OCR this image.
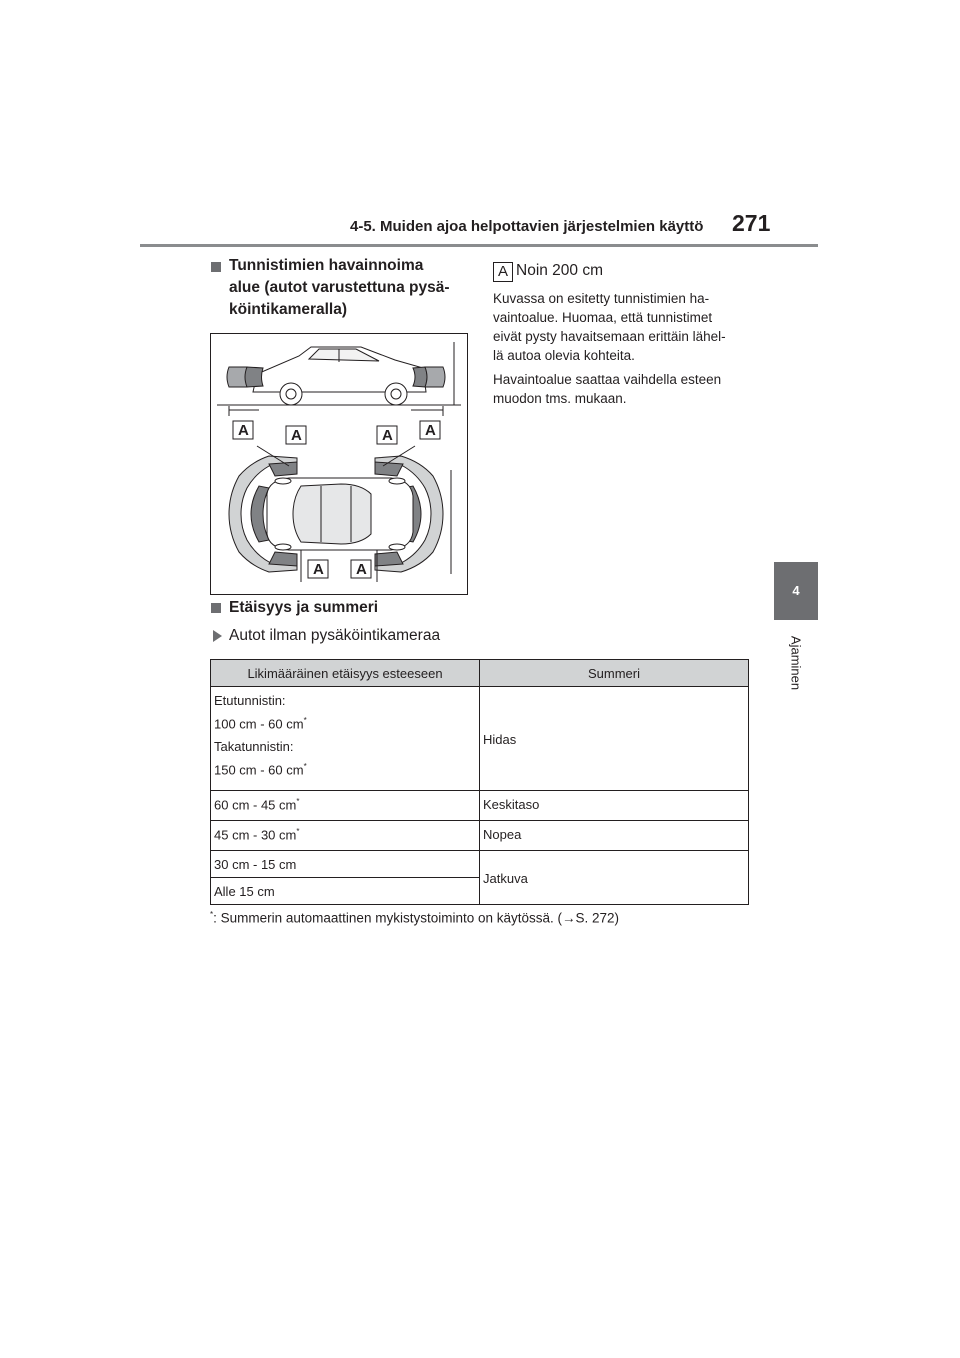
4-5. Muiden ajoa helpottavien järjestelmien käyttö 271
4
Ajaminen
Tunnistimien havainnoima
alue (autot varustettuna pysä-
köintikameralla)
A	A	A A
A A
A Noin 200 cm
Kuvassa on esitetty tunnistimien ha-
vaintoalue. Huomaa, että tunnistimet
eivät pysty havaitsemaan erittäin lähel-
lä autoa olevia kohteita.
Havaintoalue saattaa vaihdella esteen
muodon tms. mukaan.
Etäisyys ja summeri
Autot ilman pysäköintikameraa
Likimääräinen etäisyys esteeseen	Summeri

Etutunnistin:
100 cm - 60 cm*
Takatunnistin:
150 cm - 60 cm*	Hidas
60 cm - 45 cm*	Keskitaso
45 cm - 30 cm*	Nopea
30 cm - 15 cm	Jatkuva
Alle 15 cm	
*: Summerin automaattinen mykistystoiminto on käytössä. (→S. 272)
